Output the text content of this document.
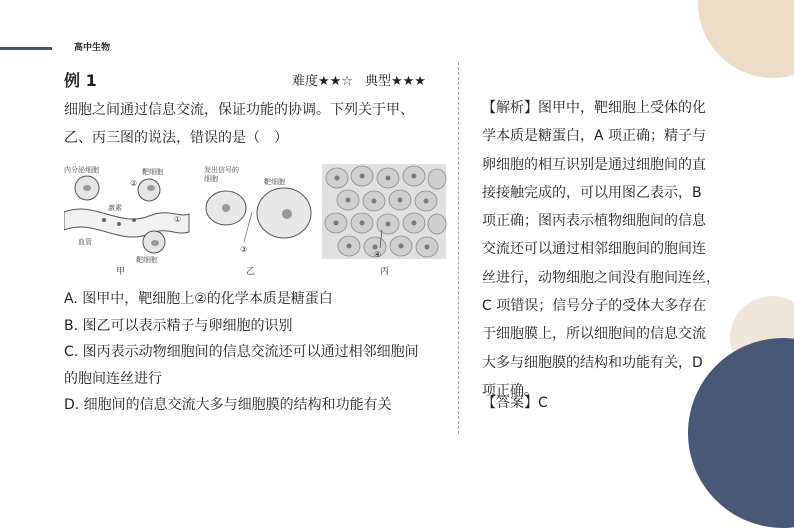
高中生物
例 1	难度★★☆ 典型★★★
细胞之间通过信息交流，保证功能的协调。下列关于甲、
乙、丙三图的说法，错误的是（　）
内分泌细胞	靶细胞
激素
血管
靶细胞
①
②
甲
发出信号的
细胞	靶细胞
③
乙
④
丙

A. 图甲中，靶细胞上②的化学本质是糖蛋白

B. 图乙可以表示精子与卵细胞的识别

C. 图丙表示动物细胞间的信息交流还可以通过相邻细胞间

的胞间连丝进行

D. 细胞间的信息交流大多与细胞膜的结构和功能有关

【解析】图甲中，靶细胞上受体的化

学本质是糖蛋白，A 项正确；精子与

卵细胞的相互识别是通过细胞间的直

接接触完成的，可以用图乙表示，B

项正确；图丙表示植物细胞间的信息

交流还可以通过相邻细胞间的胞间连

丝进行，动物细胞之间没有胞间连丝，

C 项错误；信号分子的受体大多存在

于细胞膜上，所以细胞间的信息交流

大多与细胞膜的结构和功能有关，D

项正确。

【答案】C
